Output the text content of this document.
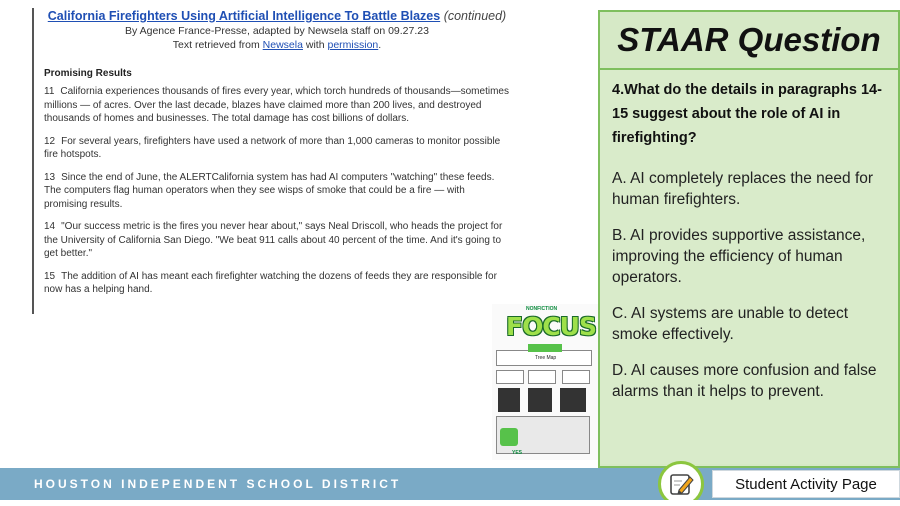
California Firefighters Using Artificial Intelligence To Battle Blazes (continued)
By Agence France-Presse, adapted by Newsela staff on 09.27.23
Text retrieved from Newsela with permission.
Promising Results
11 California experiences thousands of fires every year, which torch hundreds of thousands—sometimes millions — of acres. Over the last decade, blazes have claimed more than 200 lives, and destroyed thousands of homes and businesses. The total damage has cost billions of dollars.
12 For several years, firefighters have used a network of more than 1,000 cameras to monitor possible fire hotspots.
13 Since the end of June, the ALERTCalifornia system has had AI computers "watching" these feeds. The computers flag human operators when they see wisps of smoke that could be a fire — with promising results.
14 "Our success metric is the fires you never hear about," says Neal Driscoll, who heads the project for the University of California San Diego. "We beat 911 calls about 40 percent of the time. And it's going to get better."
15 The addition of AI has meant each firefighter watching the dozens of feeds they are responsible for now has a helping hand.
NONFICTION
FOCUS
Tree Map
YES
STAAR Question
4.What do the details in paragraphs 14-15 suggest about the role of AI in firefighting?
A. AI completely replaces the need for human firefighters.
B. AI provides supportive assistance, improving the efficiency of human operators.
C. AI systems are unable to detect smoke effectively.
D. AI causes more confusion and false alarms than it helps to prevent.
HOUSTON INDEPENDENT SCHOOL DISTRICT	Student Activity Page
